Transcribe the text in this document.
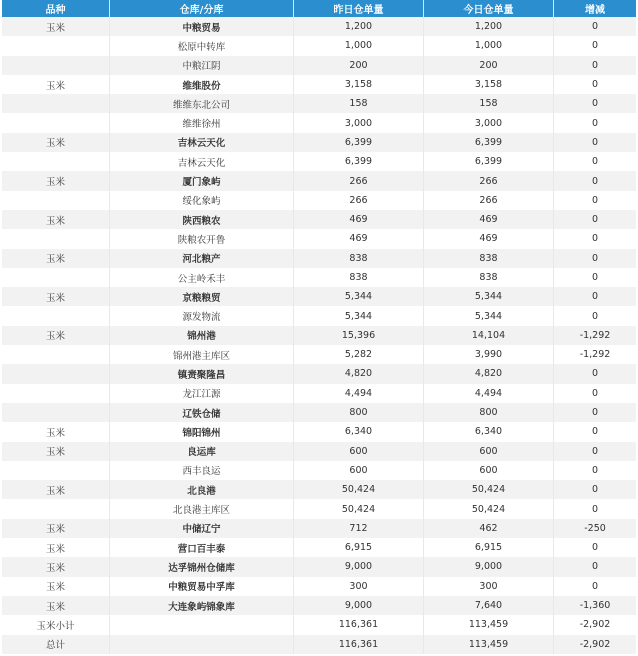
品种	仓库/分库	昨日仓单量	今日仓单量	增减
玉米	中粮贸易	1,200	1,200	0
	松原中转库	1,000	1,000	0
	中粮江阴	200	200	0
玉米	维维股份	3,158	3,158	0
	维维东北公司	158	158	0
	维维徐州	3,000	3,000	0
玉米	吉林云天化	6,399	6,399	0
	吉林云天化	6,399	6,399	0
玉米	厦门象屿	266	266	0
	绥化象屿	266	266	0
玉米	陕西粮农	469	469	0
	陕粮农开鲁	469	469	0
玉米	河北粮产	838	838	0
	公主岭禾丰	838	838	0
玉米	京粮粮贸	5,344	5,344	0
	源发物流	5,344	5,344	0
玉米	锦州港	15,396	14,104	-1,292
	锦州港主库区	5,282	3,990	-1,292
	镇赉聚隆昌	4,820	4,820	0
	龙江江源	4,494	4,494	0
	辽铁仓储	800	800	0
玉米	锦阳锦州	6,340	6,340	0
玉米	良运库	600	600	0
	西丰良运	600	600	0
玉米	北良港	50,424	50,424	0
	北良港主库区	50,424	50,424	0
玉米	中储辽宁	712	462	-250
玉米	营口百丰泰	6,915	6,915	0
玉米	达孚锦州仓储库	9,000	9,000	0
玉米	中粮贸易中孚库	300	300	0
玉米	大连象屿锦象库	9,000	7,640	-1,360
玉米小计		116,361	113,459	-2,902
总计		116,361	113,459	-2,902
